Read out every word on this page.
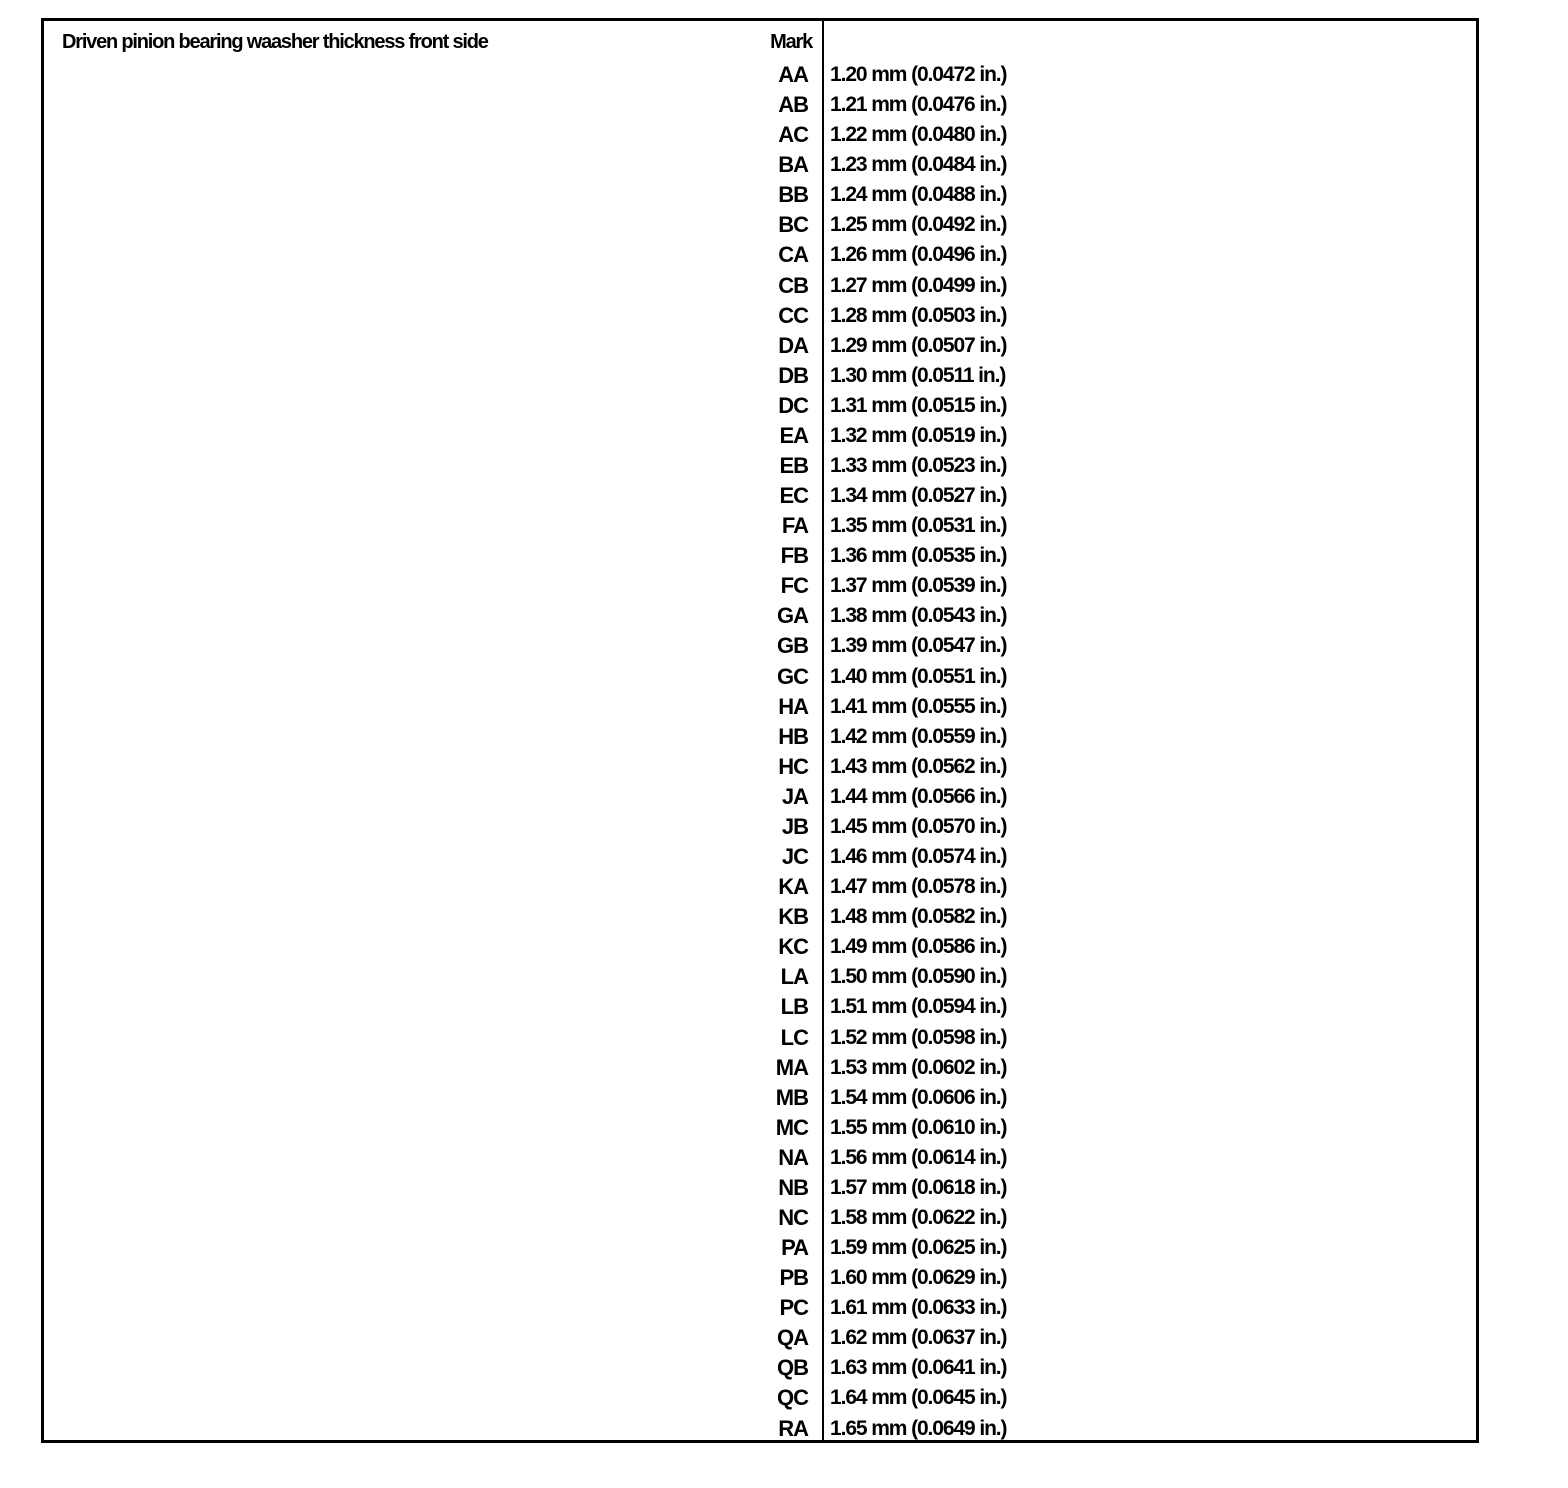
Driven pinion bearing waasher thickness front side	Mark
AA 1.20 mm (0.0472 in.)
AB 1.21 mm (0.0476 in.)
AC 1.22 mm (0.0480 in.)
BA 1.23 mm (0.0484 in.)
BB 1.24 mm (0.0488 in.)
BC 1.25 mm (0.0492 in.)
CA 1.26 mm (0.0496 in.)
CB 1.27 mm (0.0499 in.)
CC 1.28 mm (0.0503 in.)
DA 1.29 mm (0.0507 in.)
DB 1.30 mm (0.0511 in.)
DC 1.31 mm (0.0515 in.)
EA 1.32 mm (0.0519 in.)
EB 1.33 mm (0.0523 in.)
EC 1.34 mm (0.0527 in.)
FA 1.35 mm (0.0531 in.)
FB 1.36 mm (0.0535 in.)
FC 1.37 mm (0.0539 in.)
GA 1.38 mm (0.0543 in.)
GB 1.39 mm (0.0547 in.)
GC 1.40 mm (0.0551 in.)
HA 1.41 mm (0.0555 in.)
HB 1.42 mm (0.0559 in.)
HC 1.43 mm (0.0562 in.)
JA 1.44 mm (0.0566 in.)
JB 1.45 mm (0.0570 in.)
JC 1.46 mm (0.0574 in.)
KA 1.47 mm (0.0578 in.)
KB 1.48 mm (0.0582 in.)
KC 1.49 mm (0.0586 in.)
LA 1.50 mm (0.0590 in.)
LB 1.51 mm (0.0594 in.)
LC 1.52 mm (0.0598 in.)
MA 1.53 mm (0.0602 in.)
MB 1.54 mm (0.0606 in.)
MC 1.55 mm (0.0610 in.)
NA 1.56 mm (0.0614 in.)
NB 1.57 mm (0.0618 in.)
NC 1.58 mm (0.0622 in.)
PA 1.59 mm (0.0625 in.)
PB 1.60 mm (0.0629 in.)
PC 1.61 mm (0.0633 in.)
QA 1.62 mm (0.0637 in.)
QB 1.63 mm (0.0641 in.)
QC 1.64 mm (0.0645 in.)
RA 1.65 mm (0.0649 in.)
